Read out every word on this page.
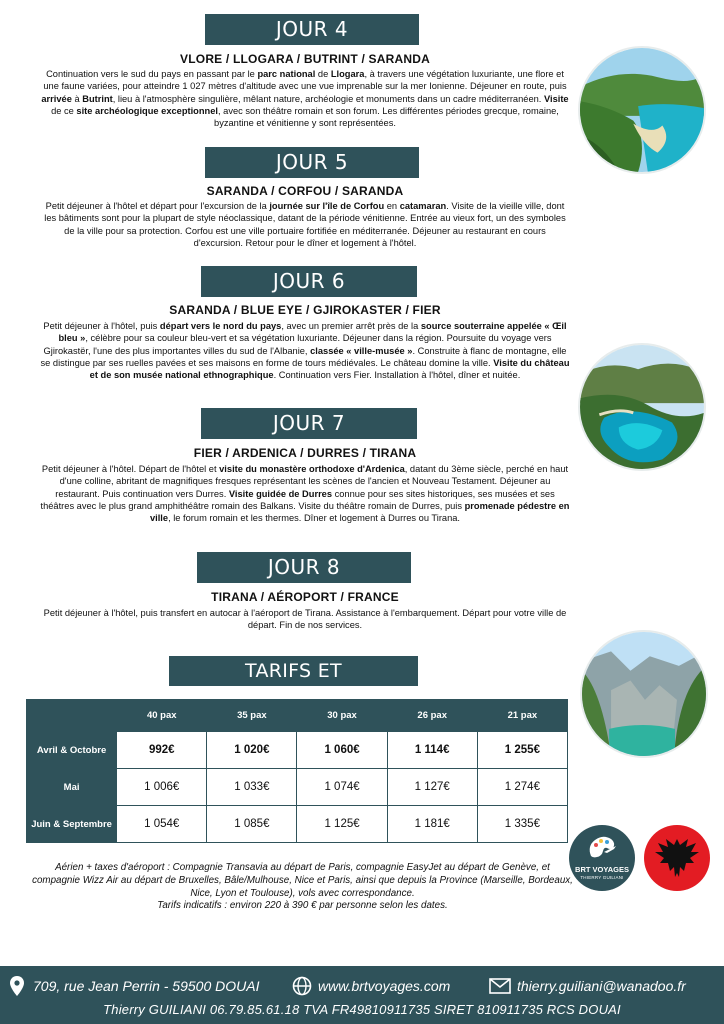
JOUR 4
VLORE / LLOGARA / BUTRINT / SARANDA
Continuation vers le sud du pays en passant par le parc national de Llogara, à travers une végétation luxuriante, une flore et une faune variées, pour atteindre 1 027 mètres d'altitude avec une vue imprenable sur la mer Ionienne. Déjeuner en route, puis arrivée à Butrint, lieu à l'atmosphère singulière, mêlant nature, archéologie et monuments dans un cadre méditerranéen. Visite de ce site archéologique exceptionnel, avec son théâtre romain et son forum. Les différentes périodes grecque, romaine, byzantine et vénitienne y sont représentées.
JOUR 5
SARANDA / CORFOU / SARANDA
Petit déjeuner à l'hôtel et départ pour l'excursion de la journée sur l'île de Corfou en catamaran. Visite de la vieille ville, dont les bâtiments sont pour la plupart de style néoclassique, datant de la période vénitienne. Entrée au vieux fort, un des symboles de la ville pour sa protection. Corfou est une ville portuaire fortifiée en méditerranée. Déjeuner au restaurant en cours d'excursion. Retour pour le dîner et logement à l'hôtel.
JOUR 6
SARANDA / BLUE EYE / GJIROKASTER / FIER
Petit déjeuner à l'hôtel, puis départ vers le nord du pays, avec un premier arrêt près de la source souterraine appelée « Œil bleu », célèbre pour sa couleur bleu-vert et sa végétation luxuriante. Déjeuner dans la région. Poursuite du voyage vers Gjirokastër, l'une des plus importantes villes du sud de l'Albanie, classée « ville-musée ». Construite à flanc de montagne, elle se distingue par ses ruelles pavées et ses maisons en forme de tours médiévales. Le château domine la ville. Visite du château et de son musée national ethnographique. Continuation vers Fier. Installation à l'hôtel, dîner et nuitée.
JOUR 7
FIER / ARDENICA / DURRES / TIRANA
Petit déjeuner à l'hôtel. Départ de l'hôtel et visite du monastère orthodoxe d'Ardenica, datant du 3ème siècle, perché en haut d'une colline, abritant de magnifiques fresques représentant les scènes de l'ancien et Nouveau Testament. Déjeuner au restaurant. Puis continuation vers Durres. Visite guidée de Durres connue pour ses sites historiques, ses musées et ses théâtres avec le plus grand amphithéâtre romain des Balkans. Visite du théâtre romain de Durres, puis promenade pédestre en ville, le forum romain et les thermes. Dîner et logement à Durres ou Tirana.
JOUR 8
TIRANA / AÉROPORT / FRANCE
Petit déjeuner à l'hôtel, puis transfert en autocar à l'aéroport de Tirana. Assistance à l'embarquement. Départ pour votre ville de départ. Fin de nos services.
TARIFS ET
	40 pax	35 pax	30 pax	26 pax	21 pax
Avril & Octobre	992€	1 020€	1 060€	1 114€	1 255€
Mai	1 006€	1 033€	1 074€	1 127€	1 274€
Juin & Septembre	1 054€	1 085€	1 125€	1 181€	1 335€
Aérien + taxes d'aéroport : Compagnie Transavia au départ de Paris, compagnie EasyJet au départ de Genève, et compagnie Wizz Air au départ de Bruxelles, Bâle/Mulhouse, Nice et Paris, ainsi que depuis la Province (Marseille, Bordeaux, Nice, Lyon et Toulouse), vols avec correspondance.
Tarifs indicatifs : environ 220 à 390 € par personne selon les dates.
BRT VOYAGES
THIERRY GUILIANI
709, rue Jean Perrin - 59500 DOUAI	www.brtvoyages.com	thierry.guiliani@wanadoo.fr
Thierry GUILIANI 06.79.85.61.18 TVA FR49810911735 SIRET 810911735 RCS DOUAI
